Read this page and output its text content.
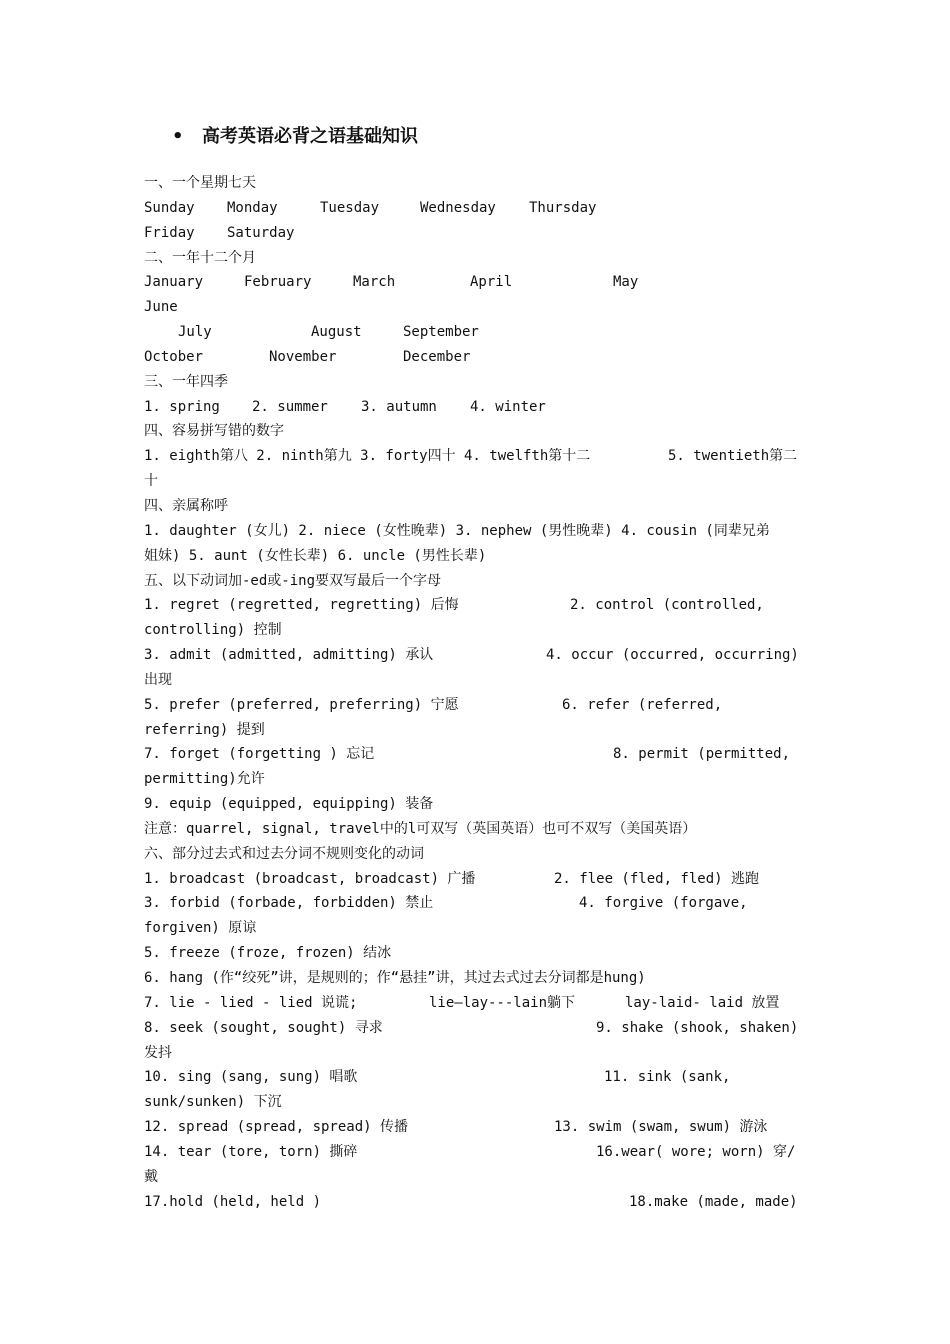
• 高考英语必背之语基础知识
一、一个星期七天
Sunday Monday	Tuesday	Wednesday Thursday
Friday Saturday
二、一年十二个月
January	February	March	April	May
June
July	August	September
October	November	December
三、一年四季
1. spring 2. summer 3. autumn 4. winter
四、容易拼写错的数字
1. eighth第八 2. ninth第九 3. forty四十 4. twelfth第十二	5. twentieth第二
十
四、亲属称呼
1. daughter (女儿) 2. niece (女性晚辈) 3. nephew (男性晚辈) 4. cousin (同辈兄弟
姐妹) 5. aunt (女性长辈) 6. uncle (男性长辈)
五、以下动词加-ed或-ing要双写最后一个字母
1. regret (regretted, regretting) 后悔	2. control (controlled,
controlling) 控制
3. admit (admitted, admitting) 承认	4. occur (occurred, occurring)
出现
5. prefer (preferred, preferring) 宁愿	6. refer (referred,
referring) 提到
7. forget (forgetting ) 忘记	8. permit (permitted,
permitting)允许
9. equip (equipped, equipping) 装备
注意：quarrel, signal, travel中的l可双写（英国英语）也可不双写（美国英语）
六、部分过去式和过去分词不规则变化的动词
1. broadcast (broadcast, broadcast) 广播	2. flee (fled, fled) 逃跑
3. forbid (forbade, forbidden) 禁止	4. forgive (forgave,
forgiven) 原谅
5. freeze (froze, frozen) 结冰
6. hang (作“绞死”讲，是规则的；作“悬挂”讲，其过去式过去分词都是hung)
7. lie - lied - lied 说谎;	lie—lay---lain躺下	lay-laid- laid 放置
8. seek (sought, sought) 寻求	9. shake (shook, shaken)
发抖
10. sing (sang, sung) 唱歌	11. sink (sank,
sunk/sunken) 下沉
12. spread (spread, spread) 传播	13. swim (swam, swum) 游泳
14. tear (tore, torn) 撕碎	16.wear( wore; worn) 穿/
戴
17.hold (held, held )	18.make (made, made)
